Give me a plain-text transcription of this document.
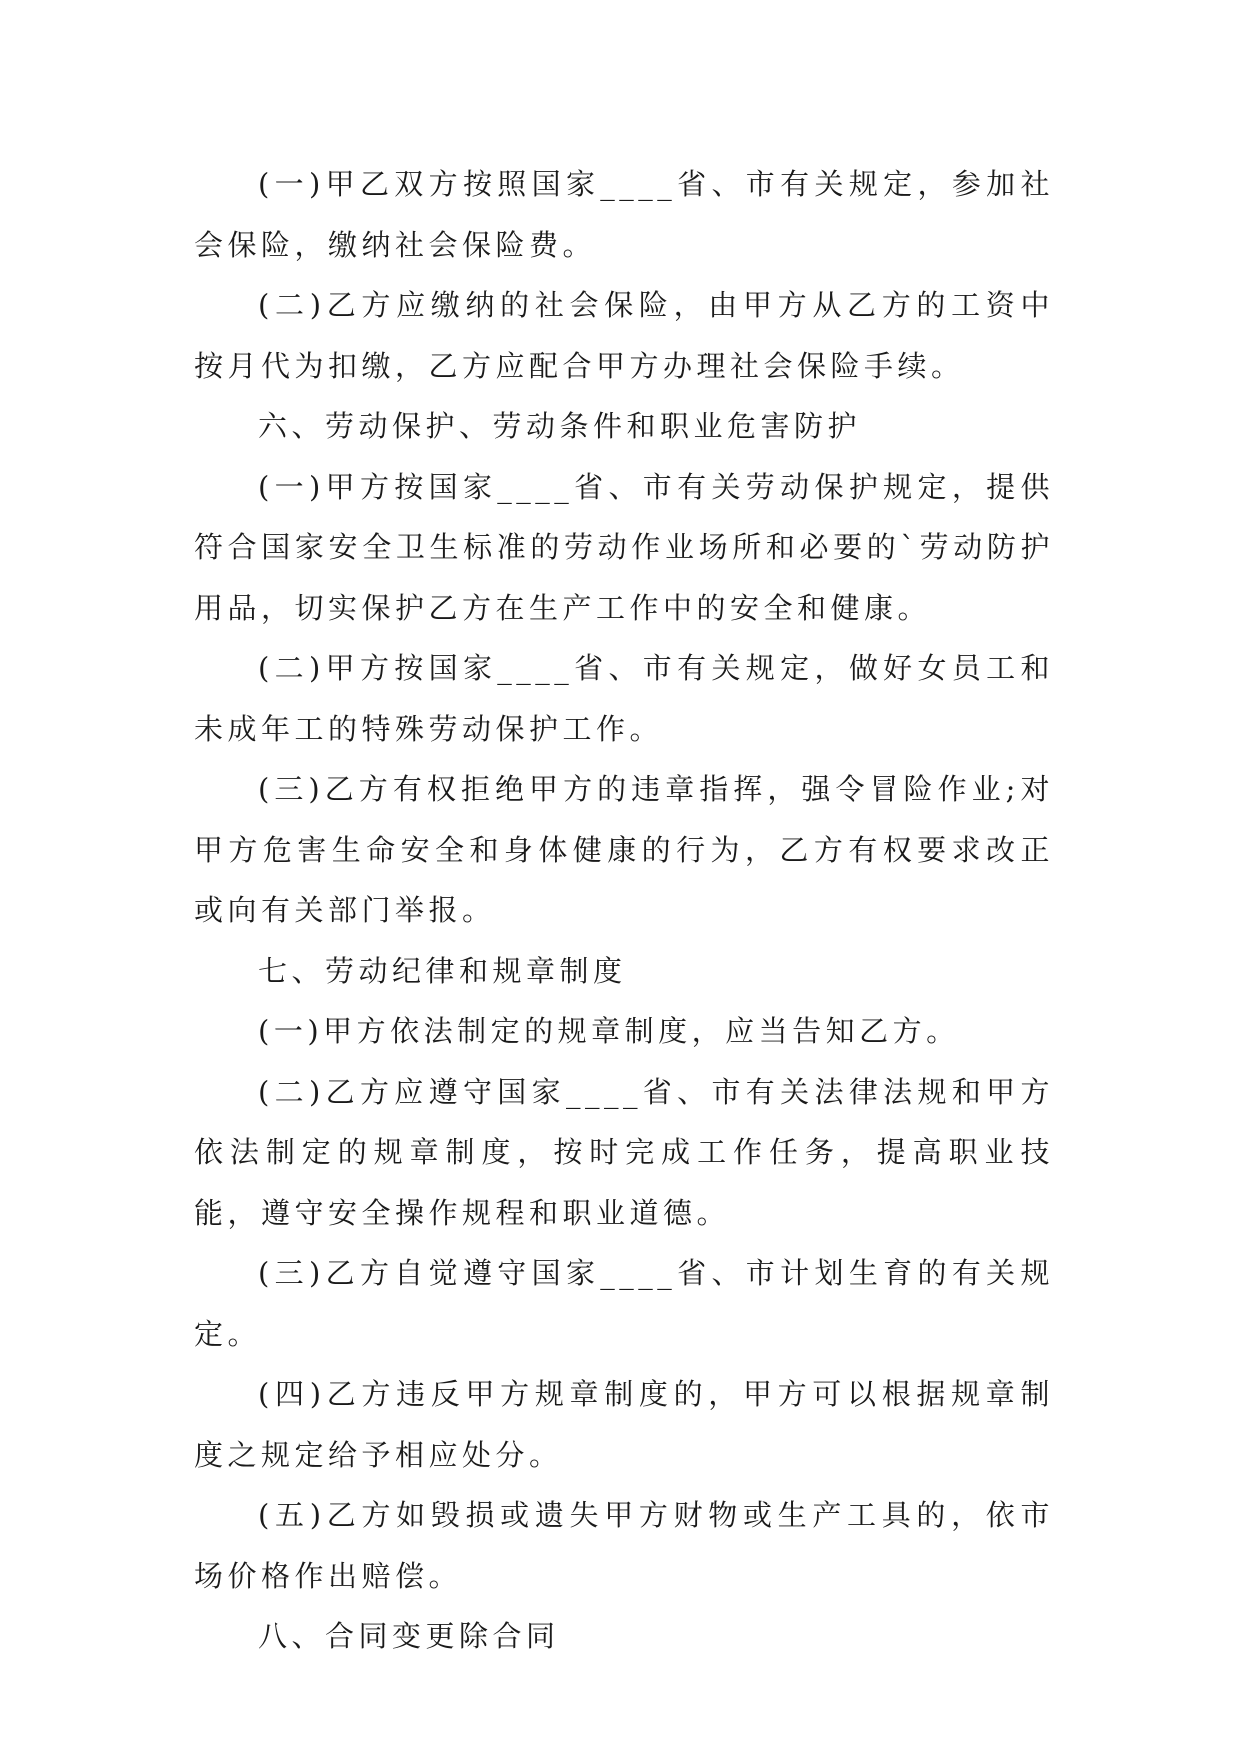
(一)甲乙双方按照国家____省、市有关规定，参加社会保险，缴纳社会保险费。

(二)乙方应缴纳的社会保险，由甲方从乙方的工资中按月代为扣缴，乙方应配合甲方办理社会保险手续。

六、劳动保护、劳动条件和职业危害防护

(一)甲方按国家____省、市有关劳动保护规定，提供符合国家安全卫生标准的劳动作业场所和必要的`劳动防护用品，切实保护乙方在生产工作中的安全和健康。

(二)甲方按国家____省、市有关规定，做好女员工和未成年工的特殊劳动保护工作。

(三)乙方有权拒绝甲方的违章指挥，强令冒险作业;对甲方危害生命安全和身体健康的行为，乙方有权要求改正或向有关部门举报。

七、劳动纪律和规章制度

(一)甲方依法制定的规章制度，应当告知乙方。

(二)乙方应遵守国家____省、市有关法律法规和甲方依法制定的规章制度，按时完成工作任务，提高职业技能，遵守安全操作规程和职业道德。

(三)乙方自觉遵守国家____省、市计划生育的有关规定。

(四)乙方违反甲方规章制度的，甲方可以根据规章制度之规定给予相应处分。

(五)乙方如毁损或遗失甲方财物或生产工具的，依市场价格作出赔偿。

八、合同变更除合同
